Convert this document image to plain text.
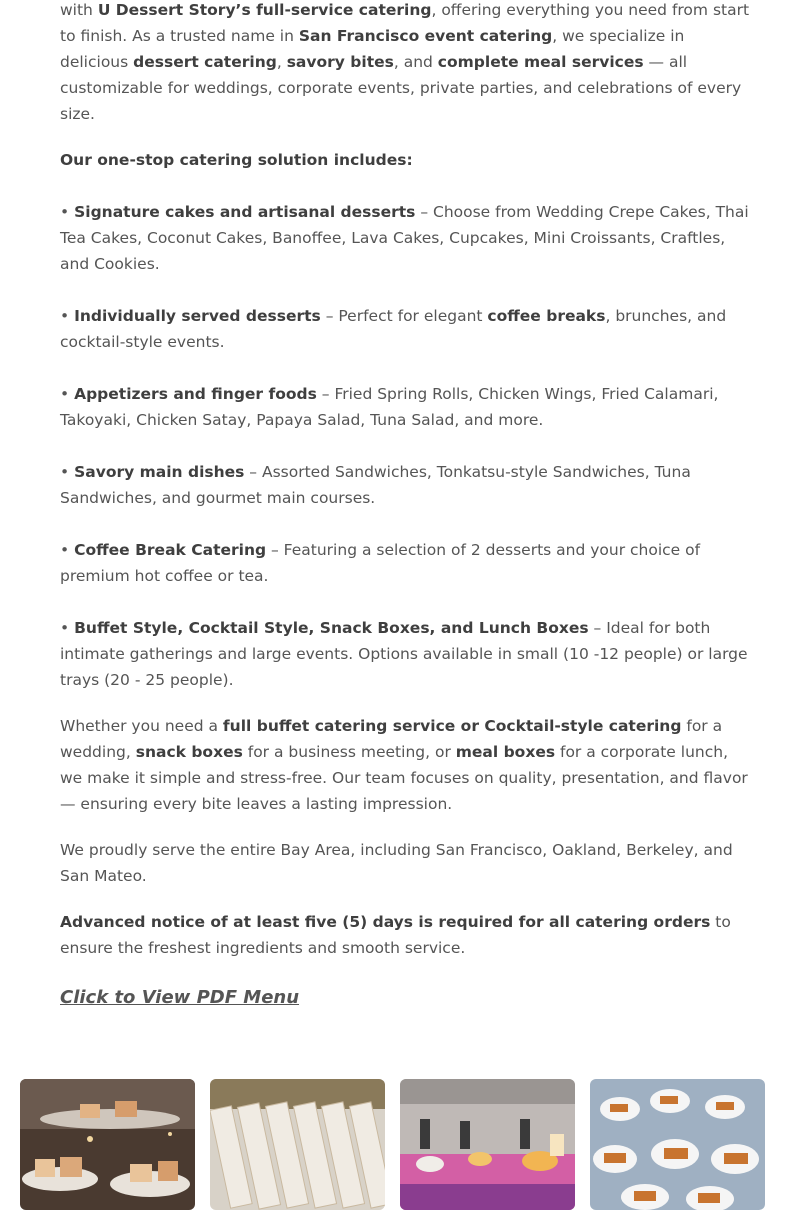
with U Dessert Story’s full-service catering, offering everything you need from start to finish. As a trusted name in San Francisco event catering, we specialize in delicious dessert catering, savory bites, and complete meal services — all customizable for weddings, corporate events, private parties, and celebrations of every size.

Our one-stop catering solution includes:

• Signature cakes and artisanal desserts – Choose from Wedding Crepe Cakes, Thai Tea Cakes, Coconut Cakes, Banoffee, Lava Cakes, Cupcakes, Mini Croissants, Craftles, and Cookies.

• Individually served desserts – Perfect for elegant coffee breaks, brunches, and cocktail-style events.

• Appetizers and finger foods – Fried Spring Rolls, Chicken Wings, Fried Calamari, Takoyaki, Chicken Satay, Papaya Salad, Tuna Salad, and more.

• Savory main dishes – Assorted Sandwiches, Tonkatsu-style Sandwiches, Tuna Sandwiches, and gourmet main courses.

• Coffee Break Catering – Featuring a selection of 2 desserts and your choice of premium hot coffee or tea.

• Buffet Style, Cocktail Style, Snack Boxes, and Lunch Boxes – Ideal for both intimate gatherings and large events. Options available in small (10 -12 people) or large trays (20 - 25 people).

Whether you need a full buffet catering service or Cocktail-style catering for a wedding, snack boxes for a business meeting, or meal boxes for a corporate lunch, we make it simple and stress-free. Our team focuses on quality, presentation, and flavor — ensuring every bite leaves a lasting impression.

We proudly serve the entire Bay Area, including San Francisco, Oakland, Berkeley, and San Mateo.

Advanced notice of at least five (5) days is required for all catering orders to ensure the freshest ingredients and smooth service.

Click to View PDF Menu
